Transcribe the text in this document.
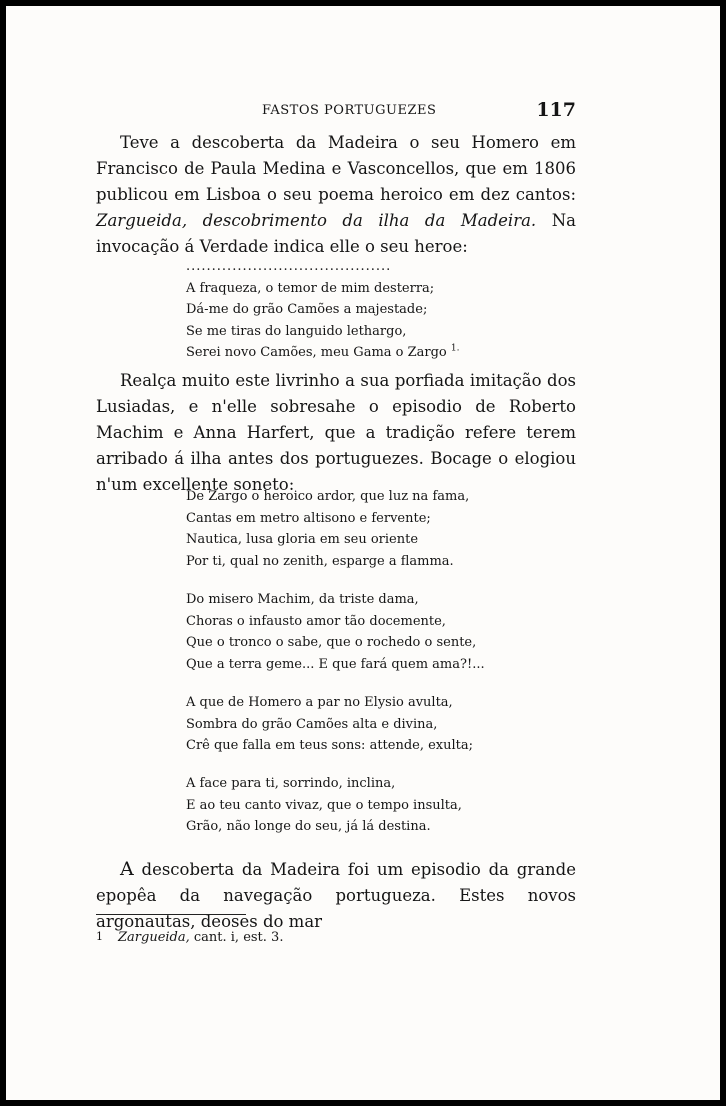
FASTOS PORTUGUEZES	117

Teve a descoberta da Madeira o seu Homero em Francisco de Paula Medina e Vasconcellos, que em 1806 publicou em Lisboa o seu poema heroico em dez cantos: Zargueida, descobrimento da ilha da Madeira. Na invocação á Verdade indica elle o seu heroe:

........................................
A fraqueza, o temor de mim desterra;
Dá-me do grão Camões a majestade;
Se me tiras do languido lethargo,
Serei novo Camões, meu Gama o Zargo $^{1.}$

Realça muito este livrinho a sua porfiada imitação dos Lusiadas, e n'elle sobresahe o episodio de Roberto Machim e Anna Harfert, que a tradição refere terem arribado á ilha antes dos portuguezes. Bocage o elogiou n'um excellente soneto:

De Zargo o heroico ardor, que luz na fama,
Cantas em metro altisono e fervente;
Nautica, lusa gloria em seu oriente
Por ti, qual no zenith, esparge a flamma.
Do misero Machim, da triste dama,
Choras o infausto amor tão docemente,
Que o tronco o sabe, que o rochedo o sente,
Que a terra geme... E que fará quem ama?!...
A que de Homero a par no Elysio avulta,
Sombra do grão Camões alta e divina,
Crê que falla em teus sons: attende, exulta;
A face para ti, sorrindo, inclina,
E ao teu canto vivaz, que o tempo insulta,
Grão, não longe do seu, já lá destina.

A descoberta da Madeira foi um episodio da grande epopêa da navegação portugueza. Estes novos argonautas, deoses do mar

1 Zargueida, cant. i, est. 3.
